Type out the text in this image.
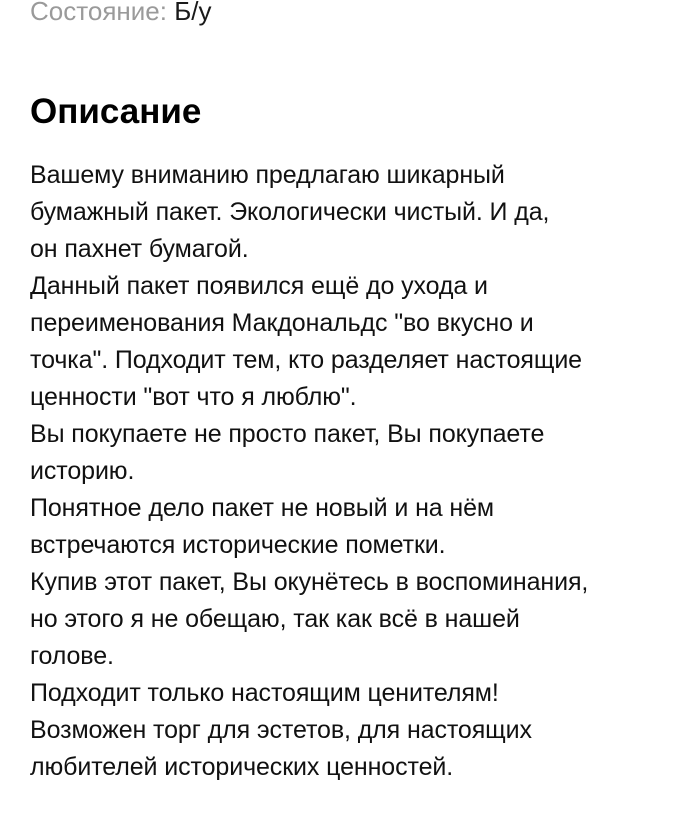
Состояние: Б/у
Описание
Вашему вниманию предлагаю шикарный
бумажный пакет. Экологически чистый. И да,
он пахнет бумагой.
Данный пакет появился ещё до ухода и
переименования Макдональдс "во вкусно и
точка". Подходит тем, кто разделяет настоящие
ценности "вот что я люблю".
Вы покупаете не просто пакет, Вы покупаете
историю.
Понятное дело пакет не новый и на нём
встречаются исторические пометки.
Купив этот пакет, Вы окунётесь в воспоминания,
но этого я не обещаю, так как всё в нашей
голове.
Подходит только настоящим ценителям!
Возможен торг для эстетов, для настоящих
любителей исторических ценностей.
